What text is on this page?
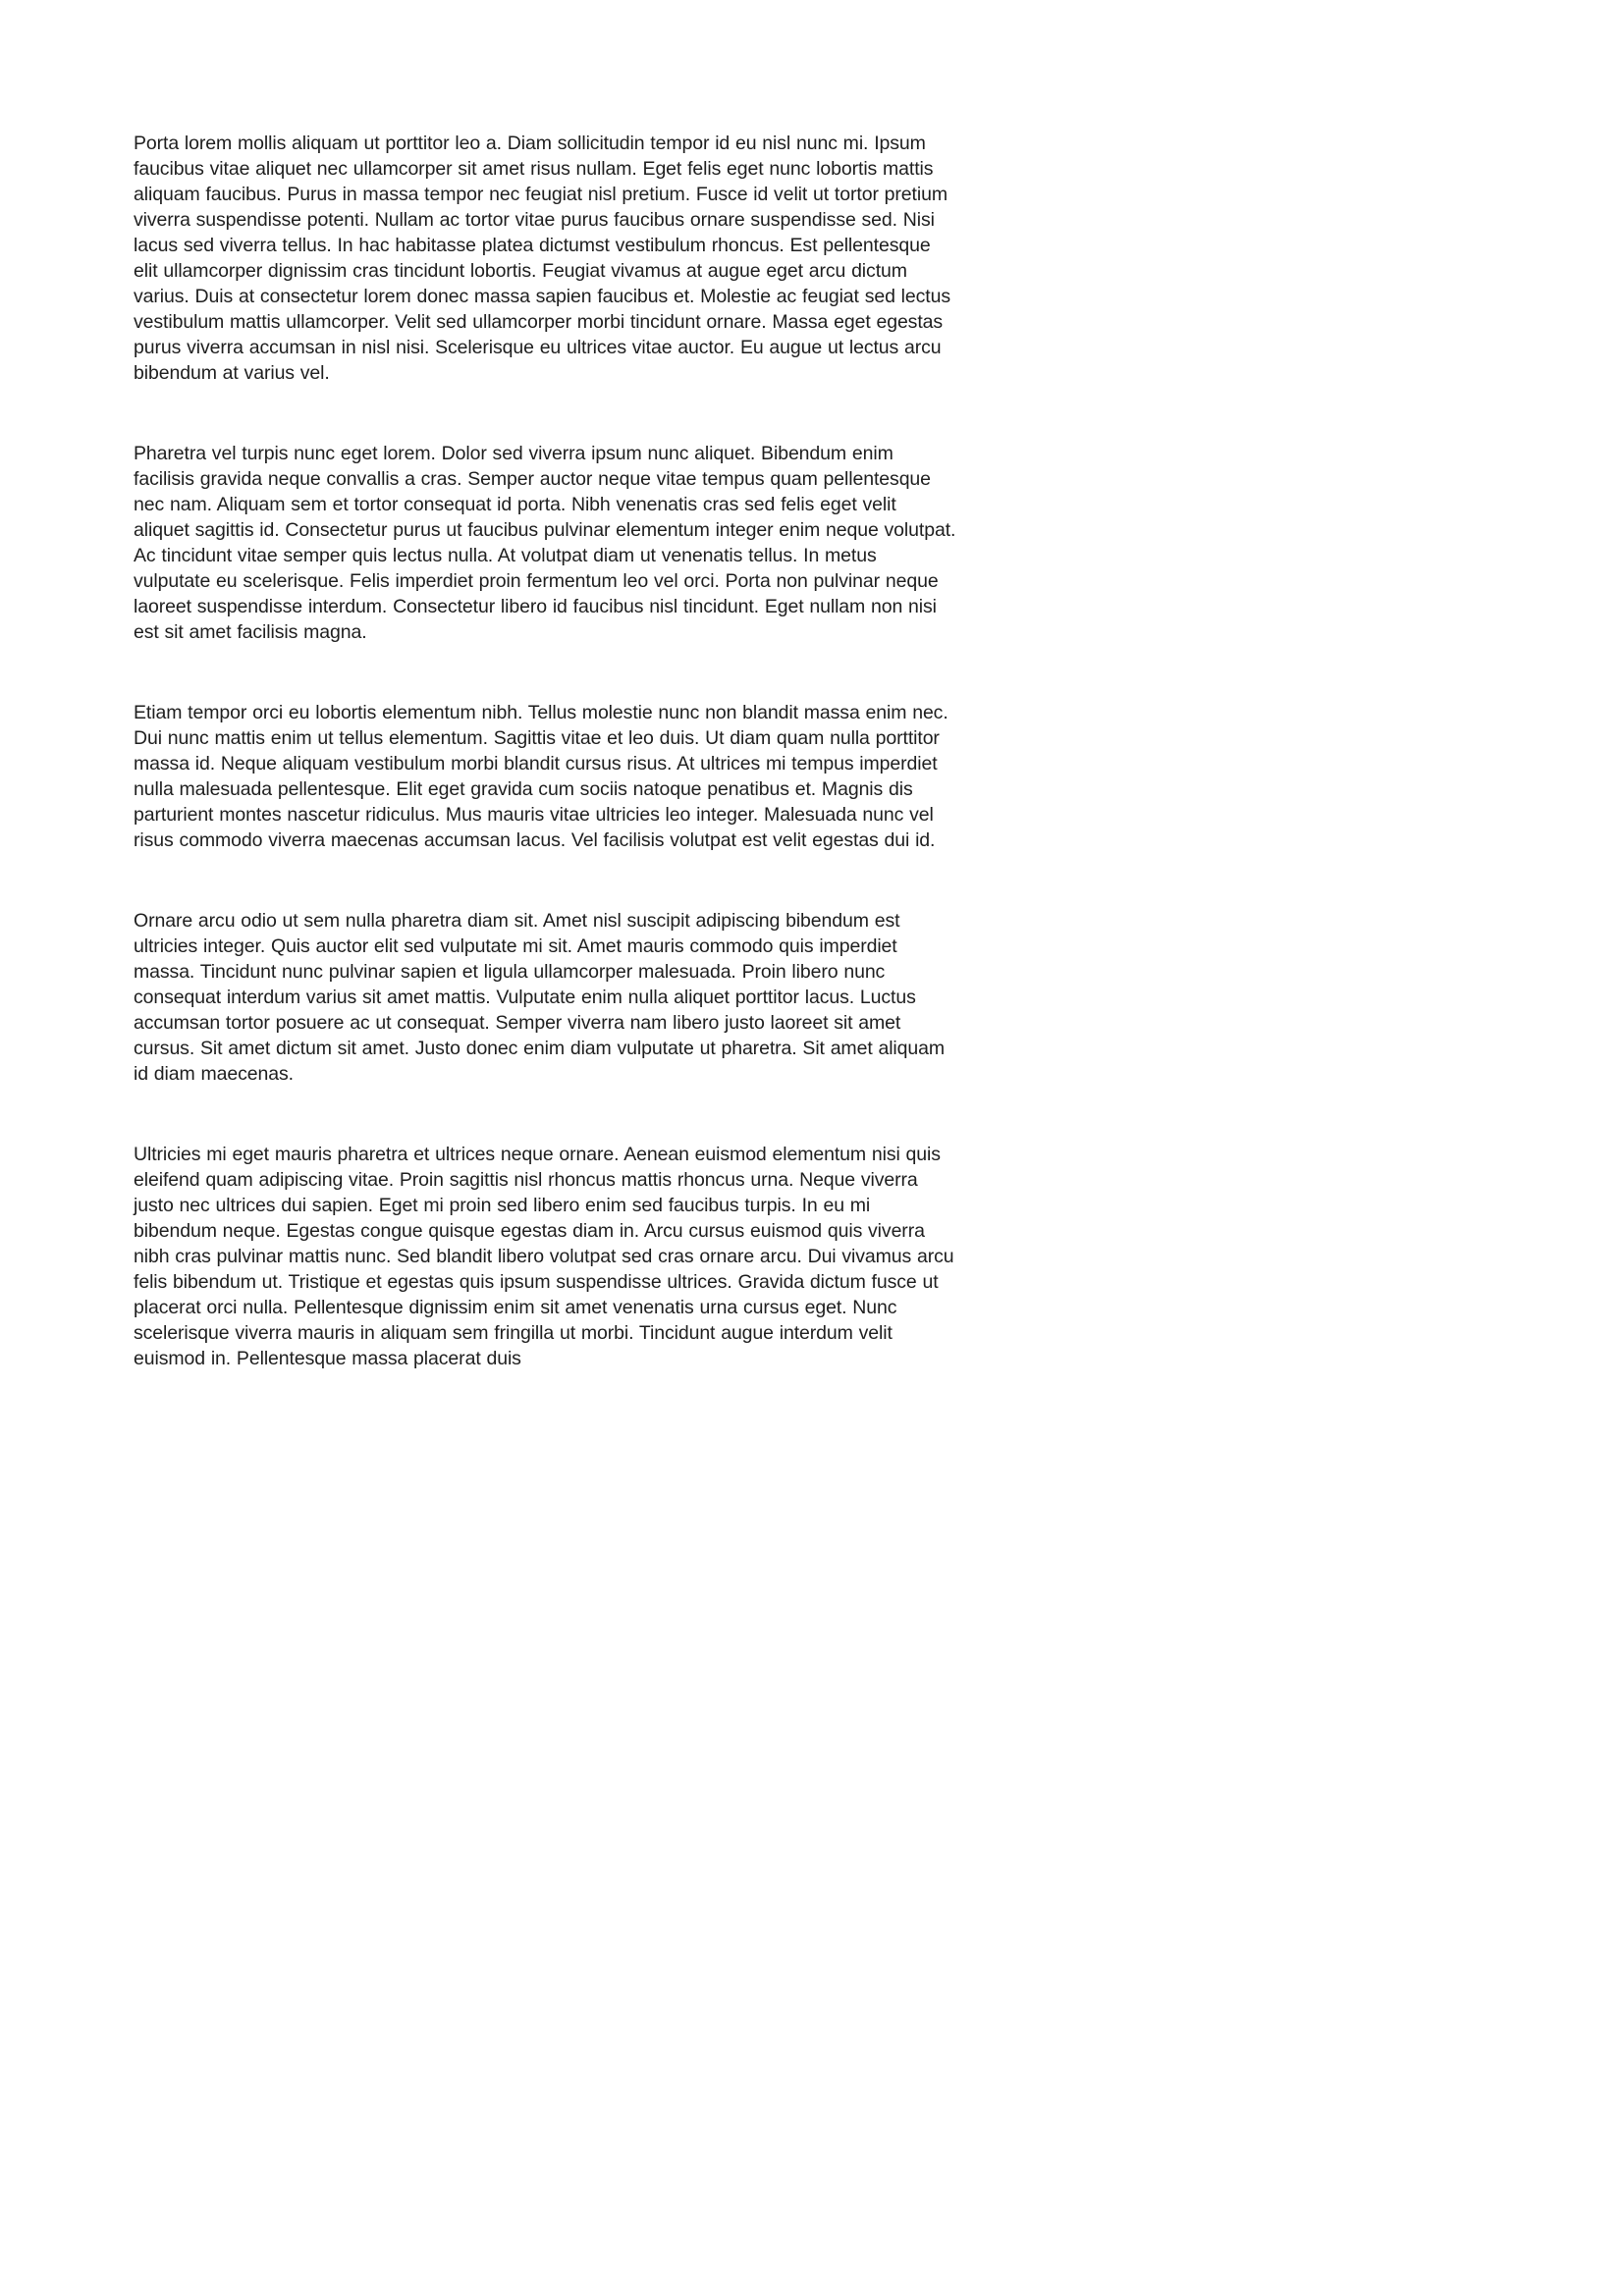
Porta lorem mollis aliquam ut porttitor leo a. Diam sollicitudin tempor id eu nisl nunc mi. Ipsum faucibus vitae aliquet nec ullamcorper sit amet risus nullam. Eget felis eget nunc lobortis mattis aliquam faucibus. Purus in massa tempor nec feugiat nisl pretium. Fusce id velit ut tortor pretium viverra suspendisse potenti. Nullam ac tortor vitae purus faucibus ornare suspendisse sed. Nisi lacus sed viverra tellus. In hac habitasse platea dictumst vestibulum rhoncus. Est pellentesque elit ullamcorper dignissim cras tincidunt lobortis. Feugiat vivamus at augue eget arcu dictum varius. Duis at consectetur lorem donec massa sapien faucibus et. Molestie ac feugiat sed lectus vestibulum mattis ullamcorper. Velit sed ullamcorper morbi tincidunt ornare. Massa eget egestas purus viverra accumsan in nisl nisi. Scelerisque eu ultrices vitae auctor. Eu augue ut lectus arcu bibendum at varius vel.

Pharetra vel turpis nunc eget lorem. Dolor sed viverra ipsum nunc aliquet. Bibendum enim facilisis gravida neque convallis a cras. Semper auctor neque vitae tempus quam pellentesque nec nam. Aliquam sem et tortor consequat id porta. Nibh venenatis cras sed felis eget velit aliquet sagittis id. Consectetur purus ut faucibus pulvinar elementum integer enim neque volutpat. Ac tincidunt vitae semper quis lectus nulla. At volutpat diam ut venenatis tellus. In metus vulputate eu scelerisque. Felis imperdiet proin fermentum leo vel orci. Porta non pulvinar neque laoreet suspendisse interdum. Consectetur libero id faucibus nisl tincidunt. Eget nullam non nisi est sit amet facilisis magna.

Etiam tempor orci eu lobortis elementum nibh. Tellus molestie nunc non blandit massa enim nec. Dui nunc mattis enim ut tellus elementum. Sagittis vitae et leo duis. Ut diam quam nulla porttitor massa id. Neque aliquam vestibulum morbi blandit cursus risus. At ultrices mi tempus imperdiet nulla malesuada pellentesque. Elit eget gravida cum sociis natoque penatibus et. Magnis dis parturient montes nascetur ridiculus. Mus mauris vitae ultricies leo integer. Malesuada nunc vel risus commodo viverra maecenas accumsan lacus. Vel facilisis volutpat est velit egestas dui id.

Ornare arcu odio ut sem nulla pharetra diam sit. Amet nisl suscipit adipiscing bibendum est ultricies integer. Quis auctor elit sed vulputate mi sit. Amet mauris commodo quis imperdiet massa. Tincidunt nunc pulvinar sapien et ligula ullamcorper malesuada. Proin libero nunc consequat interdum varius sit amet mattis. Vulputate enim nulla aliquet porttitor lacus. Luctus accumsan tortor posuere ac ut consequat. Semper viverra nam libero justo laoreet sit amet cursus. Sit amet dictum sit amet. Justo donec enim diam vulputate ut pharetra. Sit amet aliquam id diam maecenas.

Ultricies mi eget mauris pharetra et ultrices neque ornare. Aenean euismod elementum nisi quis eleifend quam adipiscing vitae. Proin sagittis nisl rhoncus mattis rhoncus urna. Neque viverra justo nec ultrices dui sapien. Eget mi proin sed libero enim sed faucibus turpis. In eu mi bibendum neque. Egestas congue quisque egestas diam in. Arcu cursus euismod quis viverra nibh cras pulvinar mattis nunc. Sed blandit libero volutpat sed cras ornare arcu. Dui vivamus arcu felis bibendum ut. Tristique et egestas quis ipsum suspendisse ultrices. Gravida dictum fusce ut placerat orci nulla. Pellentesque dignissim enim sit amet venenatis urna cursus eget. Nunc scelerisque viverra mauris in aliquam sem fringilla ut morbi. Tincidunt augue interdum velit euismod in. Pellentesque massa placerat duis
